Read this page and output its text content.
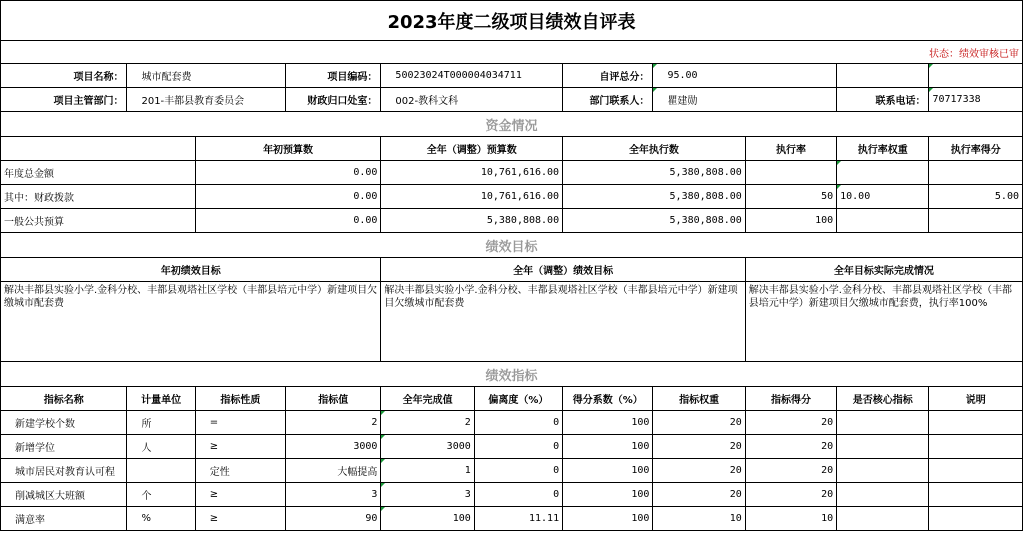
2023年度二级项目绩效自评表										
状态：绩效审核已审										
项目名称：	城市配套费		项目编码：	50023024T000004034711		自评总分：	95.00			
项目主管部门：	201-丰都县教育委员会		财政归口处室：	002-教科文科		部门联系人：	瞿建勋		联系电话：	70717338
资金情况										
		年初预算数		全年（调整）预算数		全年执行数		执行率	执行率权重	执行率得分
年度总金额		0.00		10,761,616.00		5,380,808.00				
其中：财政拨款		0.00		10,761,616.00		5,380,808.00		50	10.00	5.00
一般公共预算		0.00		5,380,808.00		5,380,808.00		100		
绩效目标										
年初绩效目标				全年（调整）绩效目标				全年目标实际完成情况		
解决丰都县实验小学.金科分校、丰都县观塔社区学校（丰都县培元中学）新建项目欠缴城市配套费				解决丰都县实验小学.金科分校、丰都县观塔社区学校（丰都县培元中学）新建项目欠缴城市配套费				解决丰都县实验小学.金科分校、丰都县观塔社区学校（丰都县培元中学）新建项目欠缴城市配套费，执行率100%		
绩效指标										
指标名称	计量单位	指标性质	指标值	全年完成值	偏离度（%）	得分系数（%）	指标权重	指标得分	是否核心指标	说明
新建学校个数	所	=	2	2	0	100	20	20		
新增学位	人	≥	3000	3000	0	100	20	20		
城市居民对教育认可程		定性	大幅提高	1	0	100	20	20		
削减城区大班额	个	≥	3	3	0	100	20	20		
满意率	%	≥	90	100	11.11	100	10	10		
